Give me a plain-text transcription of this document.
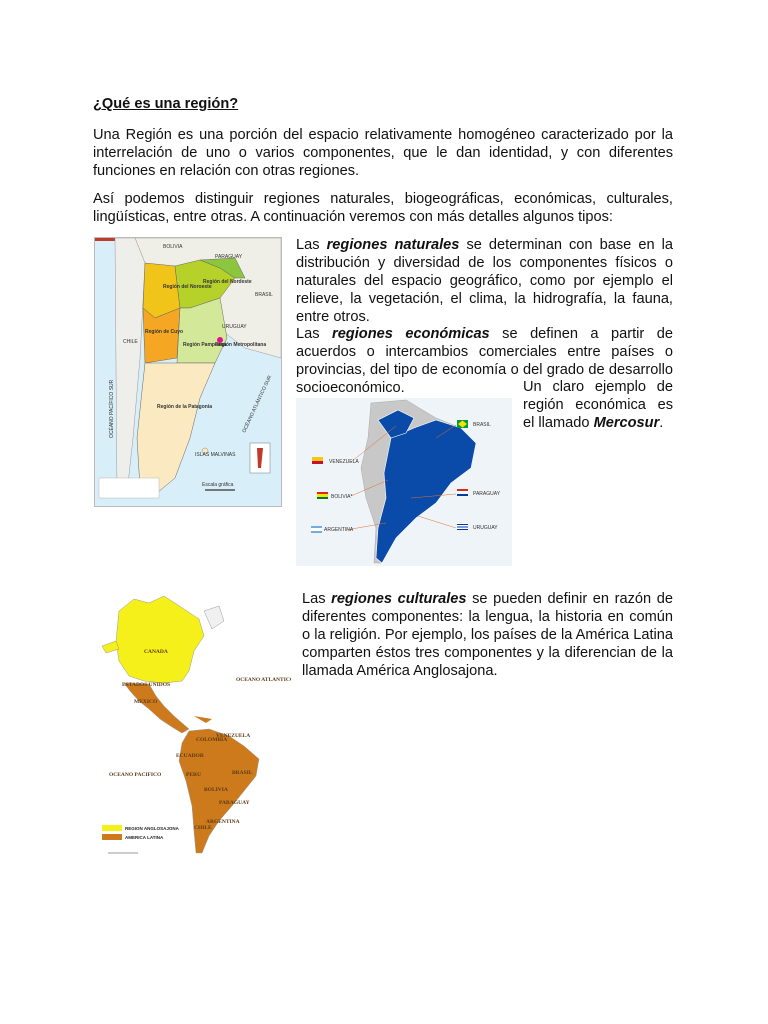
¿Qué es una región?

Una Región es una porción del espacio relativamente homogéneo caracterizado por la interrelación de uno o varios componentes, que le dan identidad, y con diferentes funciones en relación con otras regiones.

Así podemos distinguir regiones naturales, biogeográficas, económicas, culturales, lingüísticas, entre otras. A continuación veremos con más detalles algunos tipos:

BOLIVIA
PARAGUAY
BRASIL
URUGUAY
CHILE
Región del Noroeste
Región del Nordeste
Región de Cuyo
Región Pampeana
Región Metropolitana
Región de la Patagonia
OCÉANO PACÍFICO SUR	OCÉANO ATLÁNTICO SUR
Escala gráfica
ISLAS MALVINAS

Las regiones naturales se determinan con base en la distribución y diversidad de los componentes físicos o naturales del espacio geográfico, como por ejemplo el relieve, la vegetación, el clima, la hidrografía, la fauna, entre otros.

Las regiones económicas se definen a partir de acuerdos o intercambios comerciales entre países o provincias, del tipo de economía o del grado de desarrollo socioeconómico.

VENEZUELA
BOLIVIA*
ARGENTINA
BRASIL
PARAGUAY
URUGUAY

Un claro ejemplo de región económica es el llamado Mercosur.

REGION ANGLOSAJONA
AMERICA LATINA
CANADA
ESTADOS UNIDOS
OCEANO ATLANTICO
OCEANO PACIFICO
MEXICO
BRASIL
PERU
BOLIVIA
PARAGUAY
CHILE
ARGENTINA
COLOMBIA
VENEZUELA
ECUADOR

Las regiones culturales se pueden definir en razón de diferentes componentes: la lengua, la historia en común o la religión. Por ejemplo, los países de la América Latina comparten éstos tres componentes y la diferencian de la llamada América Anglosajona.
